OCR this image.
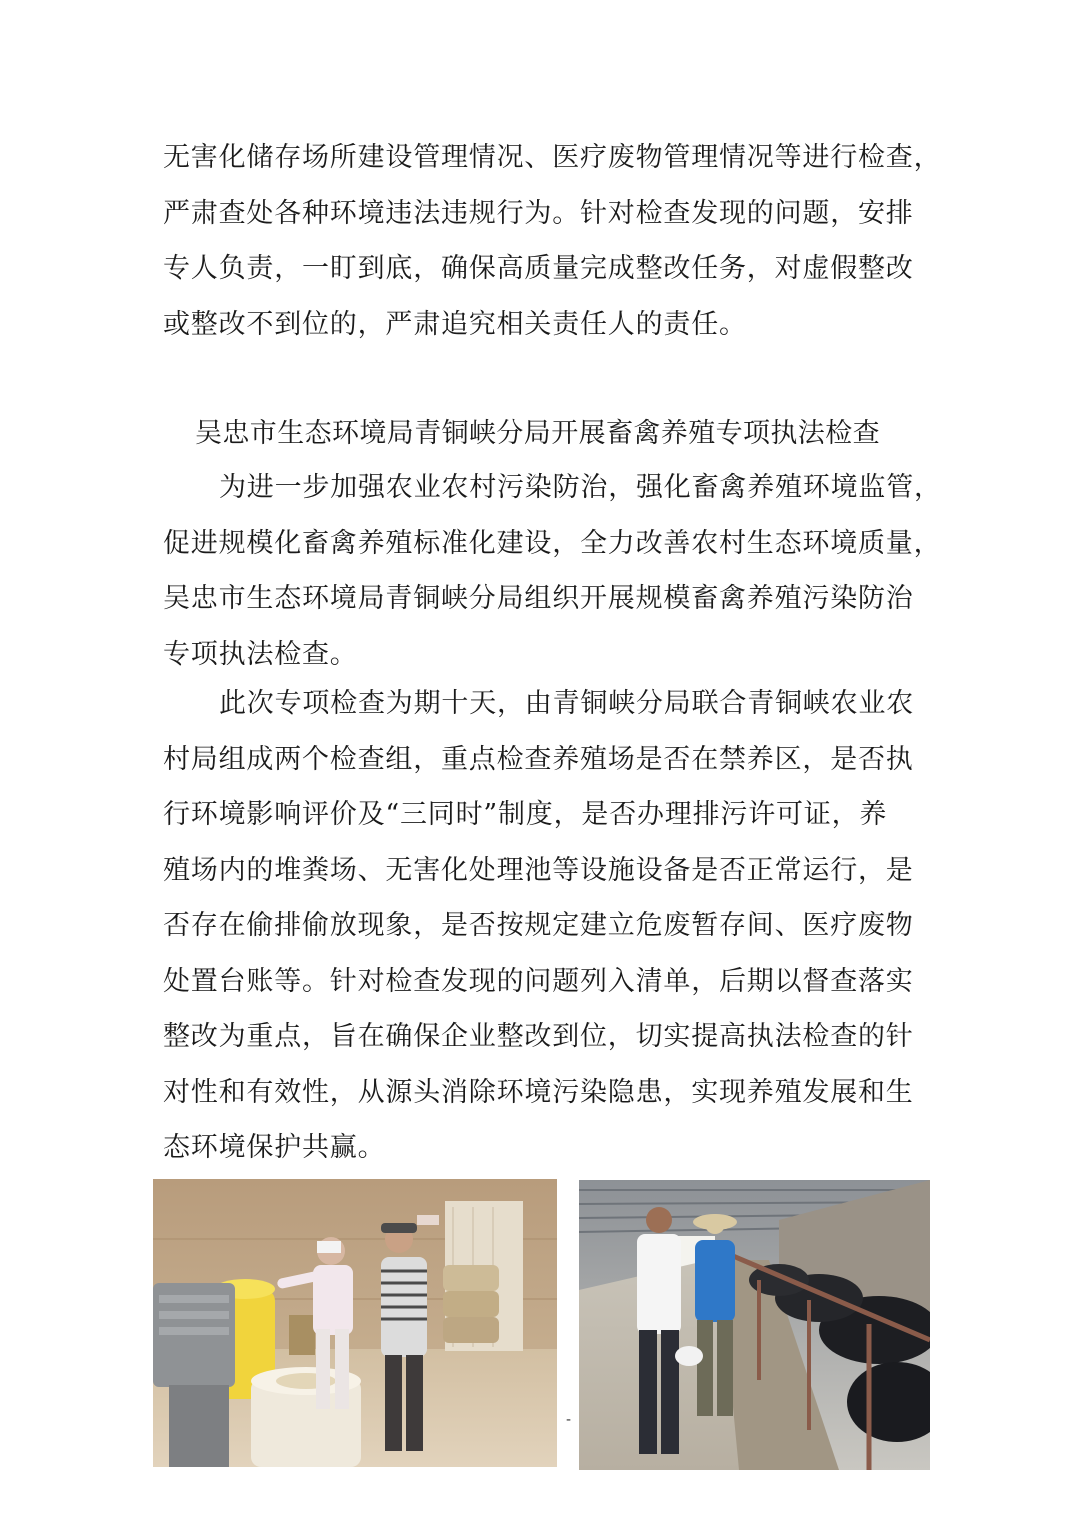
无害化储存场所建设管理情况、医疗废物管理情况等进行检查，
严肃查处各种环境违法违规行为。针对检查发现的问题，安排
专人负责，一盯到底，确保高质量完成整改任务，对虚假整改
或整改不到位的，严肃追究相关责任人的责任。
吴忠市生态环境局青铜峡分局开展畜禽养殖专项执法检查
为进一步加强农业农村污染防治，强化畜禽养殖环境监管，
促进规模化畜禽养殖标准化建设，全力改善农村生态环境质量，
吴忠市生态环境局青铜峡分局组织开展规模畜禽养殖污染防治
专项执法检查。
此次专项检查为期十天，由青铜峡分局联合青铜峡农业农
村局组成两个检查组，重点检查养殖场是否在禁养区，是否执
行环境影响评价及“三同时”制度，是否办理排污许可证，养
殖场内的堆粪场、无害化处理池等设施设备是否正常运行，是
否存在偷排偷放现象，是否按规定建立危废暂存间、医疗废物
处置台账等。针对检查发现的问题列入清单，后期以督查落实
整改为重点，旨在确保企业整改到位，切实提高执法检查的针
对性和有效性，从源头消除环境污染隐患，实现养殖发展和生
态环境保护共赢。
-
